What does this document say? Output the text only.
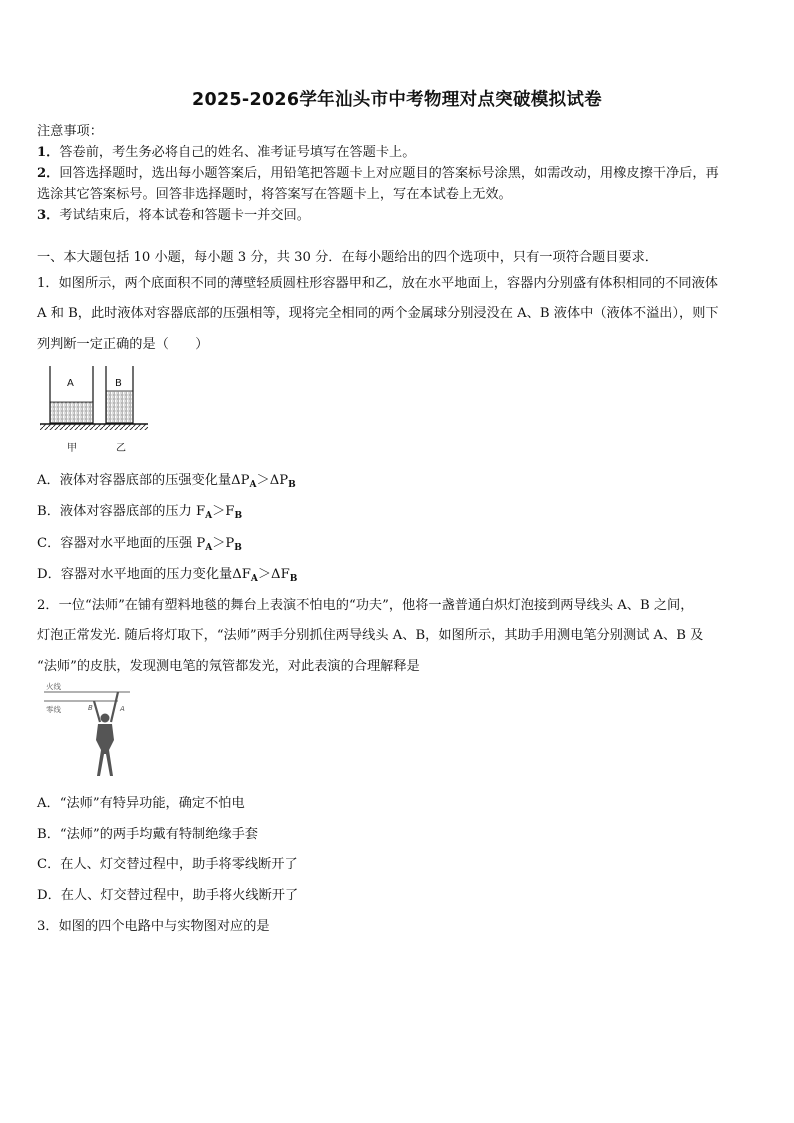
2025-2026学年汕头市中考物理对点突破模拟试卷
注意事项：
1．答卷前，考生务必将自己的姓名、准考证号填写在答题卡上。
2．回答选择题时，选出每小题答案后，用铅笔把答题卡上对应题目的答案标号涂黑，如需改动，用橡皮擦干净后，再
选涂其它答案标号。回答非选择题时，将答案写在答题卡上，写在本试卷上无效。
3．考试结束后，将本试卷和答题卡一并交回。
一、本大题包括 10 小题，每小题 3 分，共 30 分．在每小题给出的四个选项中，只有一项符合题目要求．
1．如图所示，两个底面积不同的薄壁轻质圆柱形容器甲和乙，放在水平地面上，容器内分别盛有体积相同的不同液体
A 和 B，此时液体对容器底部的压强相等，现将完全相同的两个金属球分别浸没在 A、B 液体中（液体不溢出），则下
列判断一定正确的是（　　）
A	B
甲	乙
A．液体对容器底部的压强变化量$\Delta P_A>\Delta P_B$
B．液体对容器底部的压力 $F_A>F_B$
C．容器对水平地面的压强 $P_A>P_B$
D．容器对水平地面的压力变化量$\Delta F_A>\Delta F_B$
2．一位“法师”在铺有塑料地毯的舞台上表演不怕电的“功夫”，他将一盏普通白炽灯泡接到两导线头 A、B 之间，
灯泡正常发光. 随后将灯取下，“法师”两手分别抓住两导线头 A、B，如图所示，其助手用测电笔分别测试 A、B 及
“法师”的皮肤，发现测电笔的氖管都发光，对此表演的合理解释是
火线
零线	A
B
A．“法师”有特异功能，确定不怕电
B．“法师”的两手均戴有特制绝缘手套
C．在人、灯交替过程中，助手将零线断开了
D．在人、灯交替过程中，助手将火线断开了
3．如图的四个电路中与实物图对应的是
